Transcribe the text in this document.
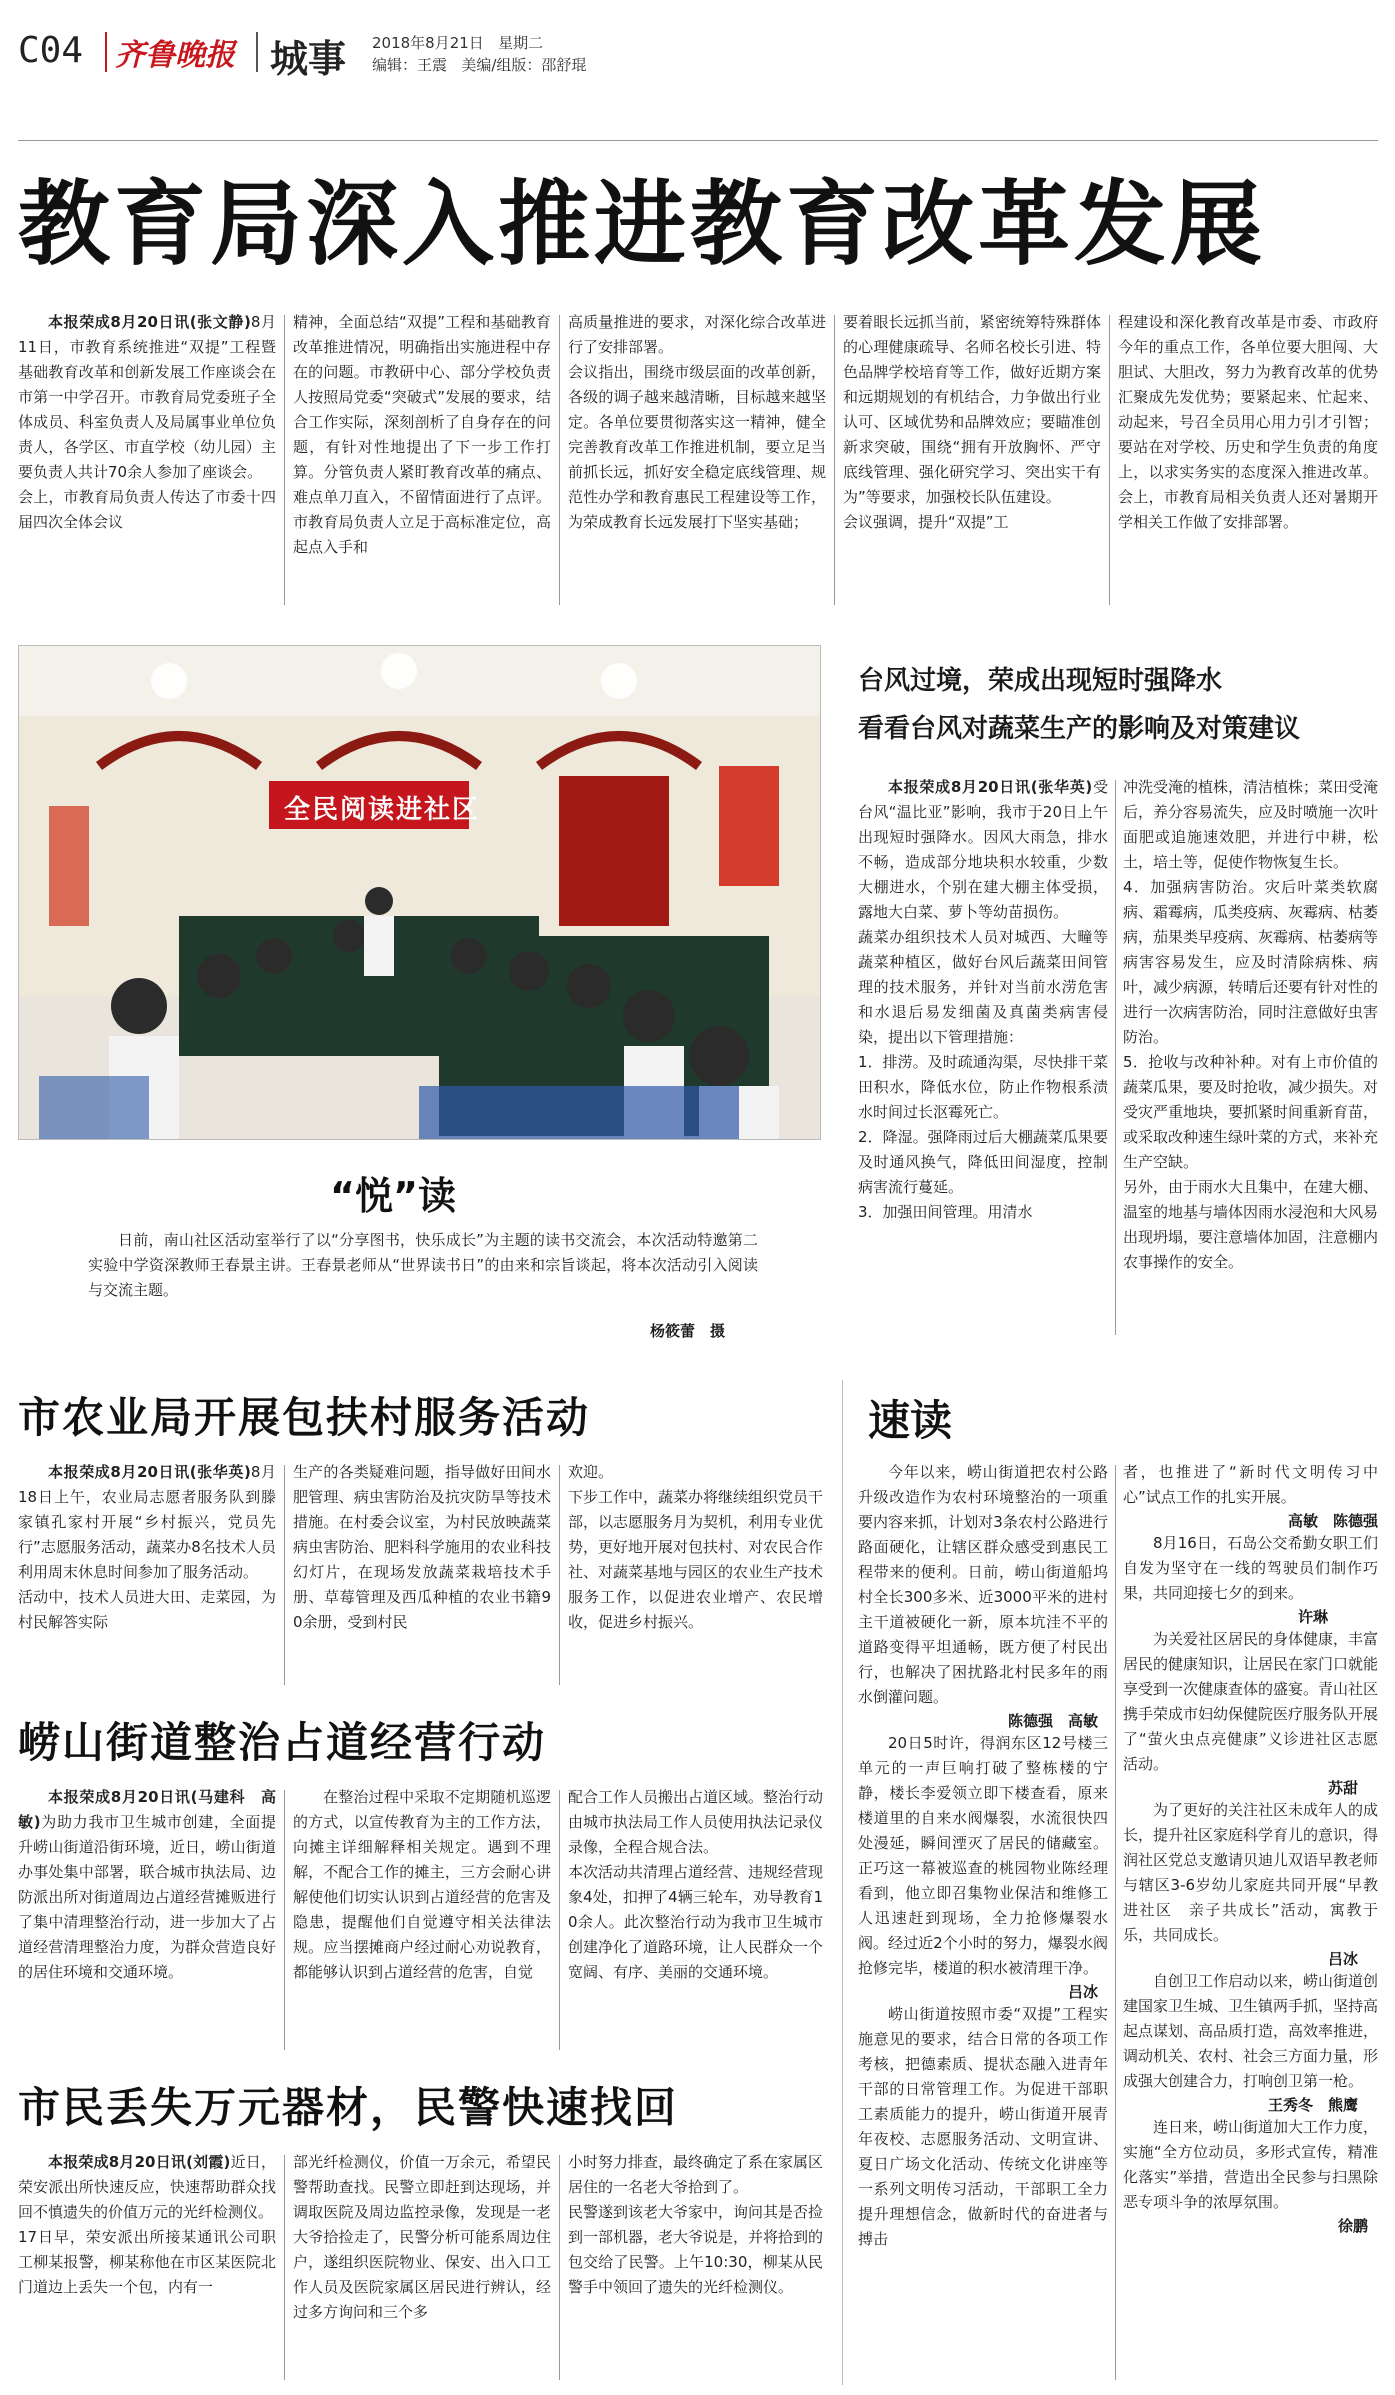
C04 齐鲁晚报 城事 2018年8月21日 星期二
编辑：王震 美编/组版：邵舒琨
教育局深入推进教育改革发展
本报荣成8月20日讯(张文静)8月11日，市教育系统推进“双提”工程暨基础教育改革和创新发展工作座谈会在市第一中学召开。市教育局党委班子全体成员、科室负责人及局属事业单位负责人，各学区、市直学校（幼儿园）主要负责人共计70余人参加了座谈会。
会上，市教育局负责人传达了市委十四届四次全体会议
精神，全面总结“双提”工程和基础教育改革推进情况，明确指出实施进程中存在的问题。市教研中心、部分学校负责人按照局党委“突破式”发展的要求，结合工作实际，深刻剖析了自身存在的问题，有针对性地提出了下一步工作打算。分管负责人紧盯教育改革的痛点、难点单刀直入，不留情面进行了点评。市教育局负责人立足于高标准定位，高起点入手和
高质量推进的要求，对深化综合改革进行了安排部署。
会议指出，围绕市级层面的改革创新，各级的调子越来越清晰，目标越来越坚定。各单位要贯彻落实这一精神，健全完善教育改革工作推进机制，要立足当前抓长远，抓好安全稳定底线管理、规范性办学和教育惠民工程建设等工作，为荣成教育长远发展打下坚实基础；
要着眼长远抓当前，紧密统筹特殊群体的心理健康疏导、名师名校长引进、特色品牌学校培育等工作，做好近期方案和远期规划的有机结合，力争做出行业认可、区域优势和品牌效应；要瞄准创新求突破，围绕“拥有开放胸怀、严守底线管理、强化研究学习、突出实干有为”等要求，加强校长队伍建设。
会议强调，提升“双提”工
程建设和深化教育改革是市委、市政府今年的重点工作，各单位要大胆闯、大胆试、大胆改，努力为教育改革的优势汇聚成先发优势；要紧起来、忙起来、动起来，号召全员用心用力引才引智；要站在对学校、历史和学生负责的角度上，以求实务实的态度深入推进改革。会上，市教育局相关负责人还对暑期开学相关工作做了安排部署。
全民阅读进社区
“悦”读
日前，南山社区活动室举行了以“分享图书，快乐成长”为主题的读书交流会，本次活动特邀第二实验中学资深教师王春景主讲。王春景老师从“世界读书日”的由来和宗旨谈起，将本次活动引入阅读与交流主题。
杨筱蕾　摄
台风过境，荣成出现短时强降水
看看台风对蔬菜生产的影响及对策建议
本报荣成8月20日讯(张华英)受台风“温比亚”影响，我市于20日上午出现短时强降水。因风大雨急，排水不畅，造成部分地块积水较重，少数大棚进水，个别在建大棚主体受损，露地大白菜、萝卜等幼苗损伤。
蔬菜办组织技术人员对城西、大疃等蔬菜种植区，做好台风后蔬菜田间管理的技术服务，并针对当前水涝危害和水退后易发细菌及真菌类病害侵染，提出以下管理措施：
1．排涝。及时疏通沟渠，尽快排干菜田积水，降低水位，防止作物根系渍水时间过长沤霉死亡。
2．降湿。强降雨过后大棚蔬菜瓜果要及时通风换气，降低田间湿度，控制病害流行蔓延。
3．加强田间管理。用清水
冲洗受淹的植株，清洁植株；菜田受淹后，养分容易流失，应及时喷施一次叶面肥或追施速效肥，并进行中耕，松土，培土等，促使作物恢复生长。
4．加强病害防治。灾后叶菜类软腐病、霜霉病，瓜类疫病、灰霉病、枯萎病，茄果类早疫病、灰霉病、枯萎病等病害容易发生，应及时清除病株、病叶，减少病源，转晴后还要有针对性的进行一次病害防治，同时注意做好虫害防治。
5．抢收与改种补种。对有上市价值的蔬菜瓜果，要及时抢收，减少损失。对受灾严重地块，要抓紧时间重新育苗，或采取改种速生绿叶菜的方式，来补充生产空缺。
另外，由于雨水大且集中，在建大棚、温室的地基与墙体因雨水浸泡和大风易出现坍塌，要注意墙体加固，注意棚内农事操作的安全。
市农业局开展包扶村服务活动
本报荣成8月20日讯(张华英)8月18日上午，农业局志愿者服务队到滕家镇孔家村开展“乡村振兴，党员先行”志愿服务活动，蔬菜办8名技术人员利用周末休息时间参加了服务活动。
活动中，技术人员进大田、走菜园，为村民解答实际
生产的各类疑难问题，指导做好田间水肥管理、病虫害防治及抗灾防旱等技术措施。在村委会议室，为村民放映蔬菜病虫害防治、肥料科学施用的农业科技幻灯片，在现场发放蔬菜栽培技术手册、草莓管理及西瓜种植的农业书籍90余册，受到村民
欢迎。
下步工作中，蔬菜办将继续组织党员干部，以志愿服务月为契机，利用专业优势，更好地开展对包扶村、对农民合作社、对蔬菜基地与园区的农业生产技术服务工作，以促进农业增产、农民增收，促进乡村振兴。
崂山街道整治占道经营行动
本报荣成8月20日讯(马建科　高敏)为助力我市卫生城市创建，全面提升崂山街道沿街环境，近日，崂山街道办事处集中部署，联合城市执法局、边防派出所对街道周边占道经营摊贩进行了集中清理整治行动，进一步加大了占道经营清理整治力度，为群众营造良好的居住环境和交通环境。
在整治过程中采取不定期随机巡逻的方式，以宣传教育为主的工作方法，向摊主详细解释相关规定。遇到不理解，不配合工作的摊主，三方会耐心讲解使他们切实认识到占道经营的危害及隐患，提醒他们自觉遵守相关法律法规。应当摆摊商户经过耐心劝说教育，都能够认识到占道经营的危害，自觉
配合工作人员搬出占道区域。整治行动由城市执法局工作人员使用执法记录仪录像，全程合规合法。
本次活动共清理占道经营、违规经营现象4处，扣押了4辆三轮车，劝导教育10余人。此次整治行动为我市卫生城市创建净化了道路环境，让人民群众一个宽阔、有序、美丽的交通环境。
市民丢失万元器材，民警快速找回
本报荣成8月20日讯(刘霞)近日，荣安派出所快速反应，快速帮助群众找回不慎遗失的价值万元的光纤检测仪。
17日早，荣安派出所接某通讯公司职工柳某报警，柳某称他在市区某医院北门道边上丢失一个包，内有一
部光纤检测仪，价值一万余元，希望民警帮助查找。民警立即赶到达现场，并调取医院及周边监控录像，发现是一老大爷拾捡走了，民警分析可能系周边住户，遂组织医院物业、保安、出入口工作人员及医院家属区居民进行辨认，经过多方询问和三个多
小时努力排查，最终确定了系在家属区居住的一名老大爷拾到了。
民警遂到该老大爷家中，询问其是否捡到一部机器，老大爷说是，并将拾到的包交给了民警。上午10:30，柳某从民警手中领回了遗失的光纤检测仪。
速读
今年以来，崂山街道把农村公路升级改造作为农村环境整治的一项重要内容来抓，计划对3条农村公路进行路面硬化，让辖区群众感受到惠民工程带来的便利。日前，崂山街道船坞村全长300多米、近3000平米的进村主干道被硬化一新，原本坑洼不平的道路变得平坦通畅，既方便了村民出行，也解决了困扰路北村民多年的雨水倒灌问题。
陈德强　高敏
20日5时许，得润东区12号楼三单元的一声巨响打破了整栋楼的宁静，楼长李爱领立即下楼查看，原来楼道里的自来水阀爆裂，水流很快四处漫延，瞬间湮灭了居民的储藏室。正巧这一幕被巡查的桃园物业陈经理看到，他立即召集物业保洁和维修工人迅速赶到现场，全力抢修爆裂水阀。经过近2个小时的努力，爆裂水阀抢修完毕，楼道的积水被清理干净。
吕冰
崂山街道按照市委“双提”工程实施意见的要求，结合日常的各项工作考核，把德素质、提状态融入进青年干部的日常管理工作。为促进干部职工素质能力的提升，崂山街道开展青年夜校、志愿服务活动、文明宣讲、夏日广场文化活动、传统文化讲座等一系列文明传习活动，干部职工全力提升理想信念，做新时代的奋进者与搏击
者，也推进了“新时代文明传习中心”试点工作的扎实开展。
高敏　陈德强
8月16日，石岛公交希勤女职工们自发为坚守在一线的驾驶员们制作巧果，共同迎接七夕的到来。
许琳
为关爱社区居民的身体健康，丰富居民的健康知识，让居民在家门口就能享受到一次健康查体的盛宴。青山社区携手荣成市妇幼保健院医疗服务队开展了“萤火虫点亮健康”义诊进社区志愿活动。
苏甜
为了更好的关注社区未成年人的成长，提升社区家庭科学育儿的意识，得润社区党总支邀请贝迪儿双语早教老师与辖区3-6岁幼儿家庭共同开展“早教进社区　亲子共成长”活动，寓教于乐，共同成长。
吕冰
自创卫工作启动以来，崂山街道创建国家卫生城、卫生镇两手抓，坚持高起点谋划、高品质打造，高效率推进，调动机关、农村、社会三方面力量，形成强大创建合力，打响创卫第一枪。
王秀冬　熊鹰
连日来，崂山街道加大工作力度，实施“全方位动员，多形式宣传，精准化落实”举措，营造出全民参与扫黑除恶专项斗争的浓厚氛围。
徐鹏
